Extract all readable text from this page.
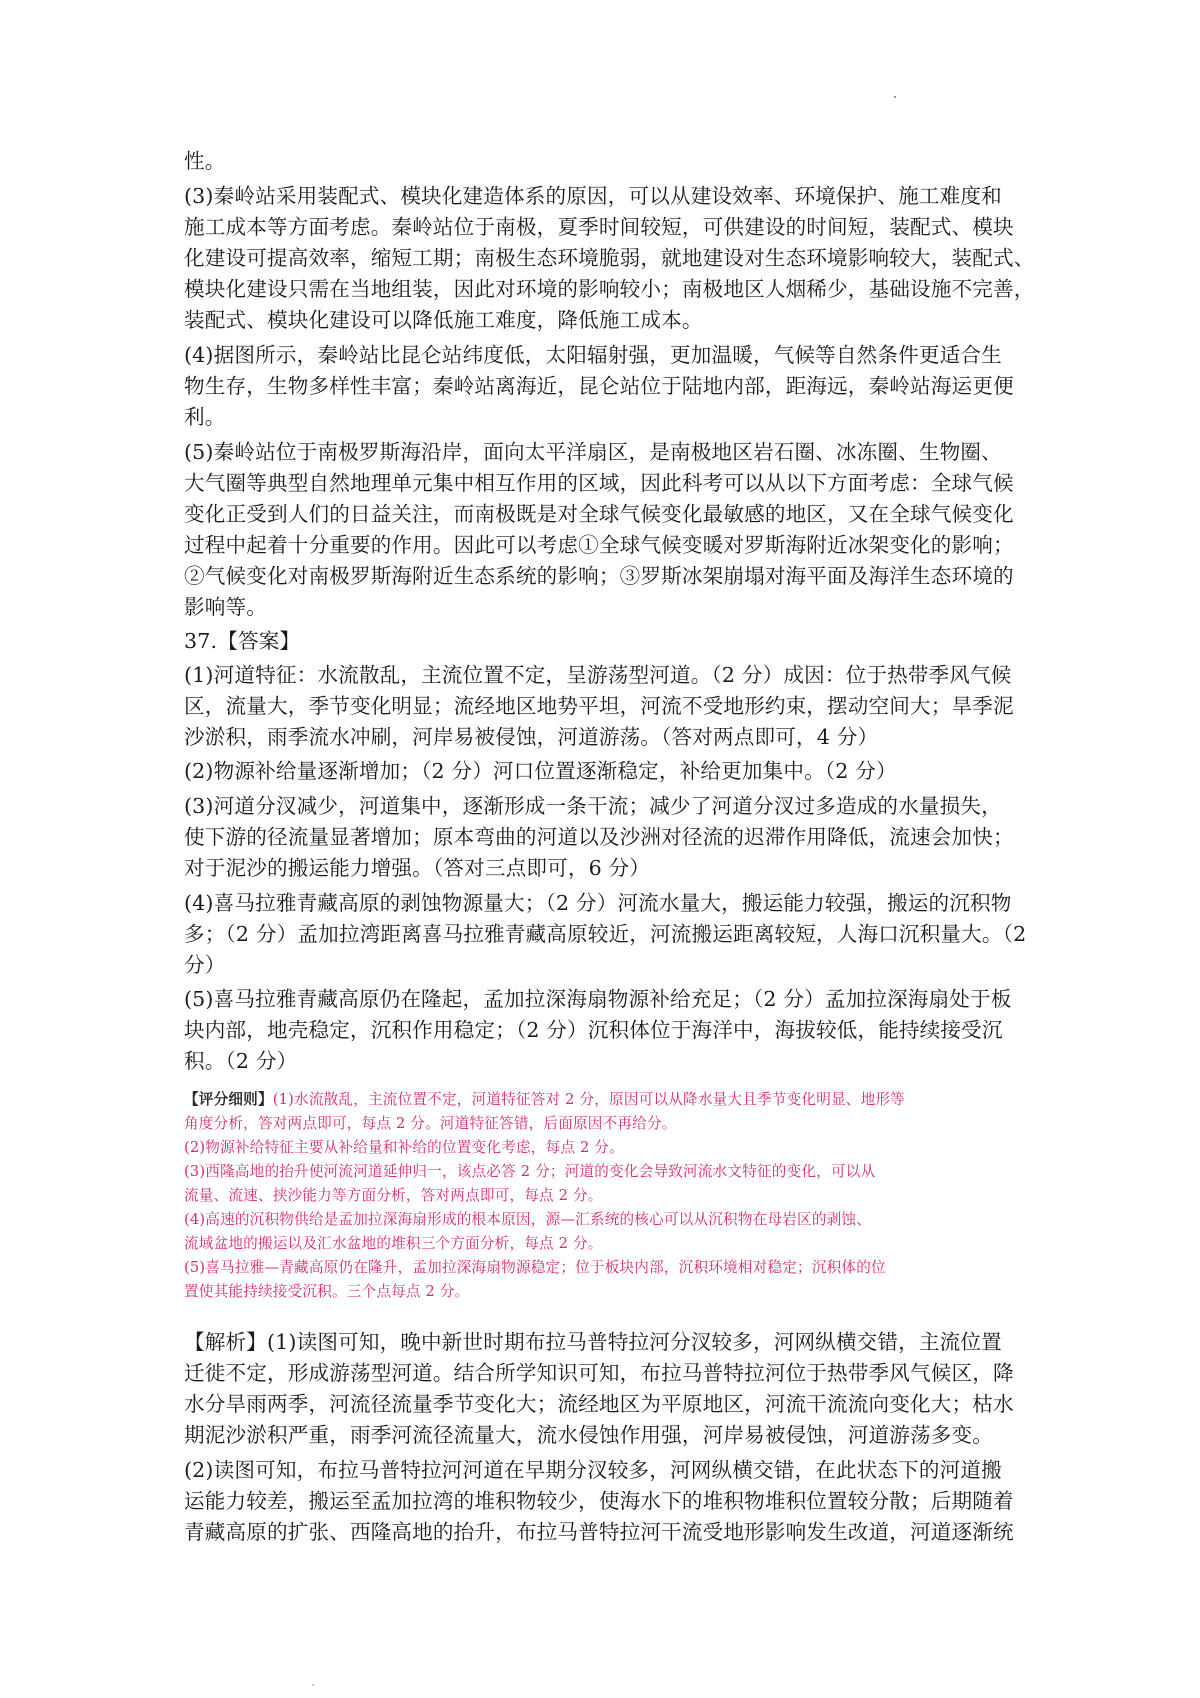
性。
(3)秦岭站采用装配式、模块化建造体系的原因，可以从建设效率、环境保护、施工难度和
施工成本等方面考虑。秦岭站位于南极，夏季时间较短，可供建设的时间短，装配式、模块
化建设可提高效率，缩短工期；南极生态环境脆弱，就地建设对生态环境影响较大，装配式、
模块化建设只需在当地组装，因此对环境的影响较小；南极地区人烟稀少，基础设施不完善，
装配式、模块化建设可以降低施工难度，降低施工成本。
(4)据图所示，秦岭站比昆仑站纬度低，太阳辐射强，更加温暖，气候等自然条件更适合生
物生存，生物多样性丰富；秦岭站离海近，昆仑站位于陆地内部，距海远，秦岭站海运更便
利。
(5)秦岭站位于南极罗斯海沿岸，面向太平洋扇区，是南极地区岩石圈、冰冻圈、生物圈、
大气圈等典型自然地理单元集中相互作用的区域，因此科考可以从以下方面考虑：全球气候
变化正受到人们的日益关注，而南极既是对全球气候变化最敏感的地区，又在全球气候变化
过程中起着十分重要的作用。因此可以考虑①全球气候变暖对罗斯海附近冰架变化的影响；
②气候变化对南极罗斯海附近生态系统的影响；③罗斯冰架崩塌对海平面及海洋生态环境的
影响等。
37.【答案】
(1)河道特征：水流散乱，主流位置不定，呈游荡型河道。（2 分）成因：位于热带季风气候
区，流量大，季节变化明显；流经地区地势平坦，河流不受地形约束，摆动空间大；旱季泥
沙淤积，雨季流水冲刷，河岸易被侵蚀，河道游荡。（答对两点即可，4 分）
(2)物源补给量逐渐增加；（2 分）河口位置逐渐稳定，补给更加集中。（2 分）
(3)河道分汊减少，河道集中，逐渐形成一条干流；减少了河道分汊过多造成的水量损失，
使下游的径流量显著增加；原本弯曲的河道以及沙洲对径流的迟滞作用降低，流速会加快；
对于泥沙的搬运能力增强。（答对三点即可，6 分）
(4)喜马拉雅青藏高原的剥蚀物源量大；（2 分）河流水量大，搬运能力较强，搬运的沉积物
多；（2 分）孟加拉湾距离喜马拉雅青藏高原较近，河流搬运距离较短，人海口沉积量大。（2
分）
(5)喜马拉雅青藏高原仍在隆起，孟加拉深海扇物源补给充足；（2 分）孟加拉深海扇处于板
块内部，地壳稳定，沉积作用稳定；（2 分）沉积体位于海洋中，海拔较低，能持续接受沉
积。（2 分）
【评分细则】(1)水流散乱，主流位置不定，河道特征答对 2 分，原因可以从降水量大且季节变化明显、地形等
角度分析，答对两点即可，每点 2 分。河道特征答错，后面原因不再给分。
(2)物源补给特征主要从补给量和补给的位置变化考虑，每点 2 分。
(3)西隆高地的抬升使河流河道延伸归一，该点必答 2 分；河道的变化会导致河流水文特征的变化，可以从
流量、流速、挟沙能力等方面分析，答对两点即可，每点 2 分。
(4)高速的沉积物供给是孟加拉深海扇形成的根本原因，源—汇系统的核心可以从沉积物在母岩区的剥蚀、
流域盆地的搬运以及汇水盆地的堆积三个方面分析，每点 2 分。
(5)喜马拉雅—青藏高原仍在隆升，孟加拉深海扇物源稳定；位于板块内部，沉积环境相对稳定；沉积体的位
置使其能持续接受沉积。三个点每点 2 分。
【解析】(1)读图可知，晚中新世时期布拉马普特拉河分汊较多，河网纵横交错，主流位置
迁徙不定，形成游荡型河道。结合所学知识可知，布拉马普特拉河位于热带季风气候区，降
水分旱雨两季，河流径流量季节变化大；流经地区为平原地区，河流干流流向变化大；枯水
期泥沙淤积严重，雨季河流径流量大，流水侵蚀作用强，河岸易被侵蚀，河道游荡多变。
(2)读图可知，布拉马普特拉河河道在早期分汊较多，河网纵横交错，在此状态下的河道搬
运能力较差，搬运至孟加拉湾的堆积物较少，使海水下的堆积物堆积位置较分散；后期随着
青藏高原的扩张、西隆高地的抬升，布拉马普特拉河干流受地形影响发生改道，河道逐渐统
